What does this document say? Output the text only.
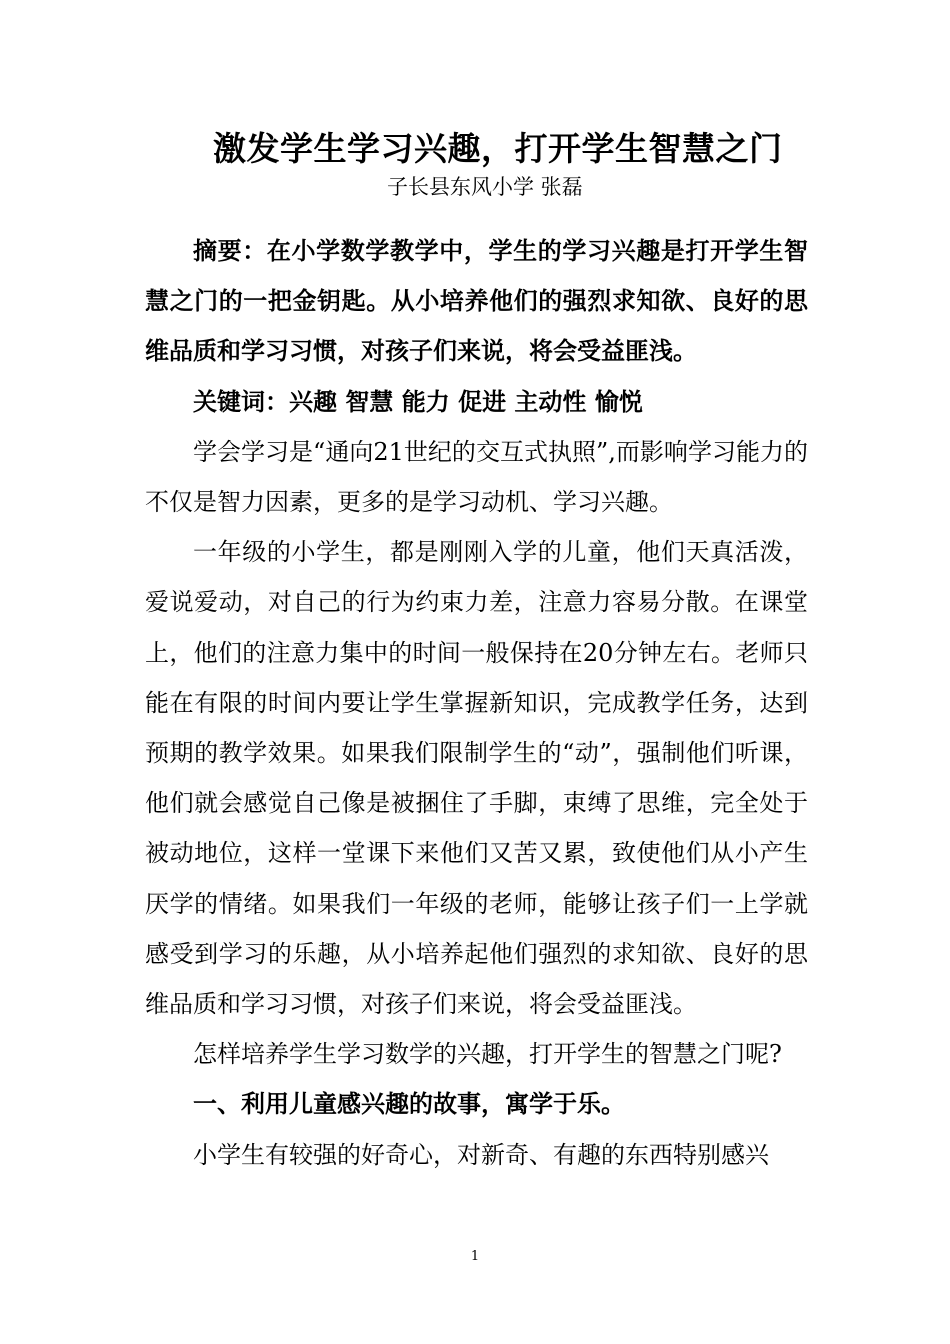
激发学生学习兴趣，打开学生智慧之门
子长县东风小学 张磊

摘要：在小学数学教学中，学生的学习兴趣是打开学生智慧之门的一把金钥匙。从小培养他们的强烈求知欲、良好的思维品质和学习习惯，对孩子们来说，将会受益匪浅。

关键词：兴趣 智慧 能力 促进 主动性 愉悦

学会学习是“通向21世纪的交互式执照”,而影响学习能力的不仅是智力因素，更多的是学习动机、学习兴趣。

一年级的小学生，都是刚刚入学的儿童，他们天真活泼，爱说爱动，对自己的行为约束力差，注意力容易分散。在课堂上，他们的注意力集中的时间一般保持在20分钟左右。老师只能在有限的时间内要让学生掌握新知识，完成教学任务，达到预期的教学效果。如果我们限制学生的“动”，强制他们听课，他们就会感觉自己像是被捆住了手脚，束缚了思维，完全处于被动地位，这样一堂课下来他们又苦又累，致使他们从小产生厌学的情绪。如果我们一年级的老师，能够让孩子们一上学就感受到学习的乐趣，从小培养起他们强烈的求知欲、良好的思维品质和学习习惯，对孩子们来说，将会受益匪浅。

怎样培养学生学习数学的兴趣，打开学生的智慧之门呢?

一、利用儿童感兴趣的故事，寓学于乐。

小学生有较强的好奇心，对新奇、有趣的东西特别感兴

1
